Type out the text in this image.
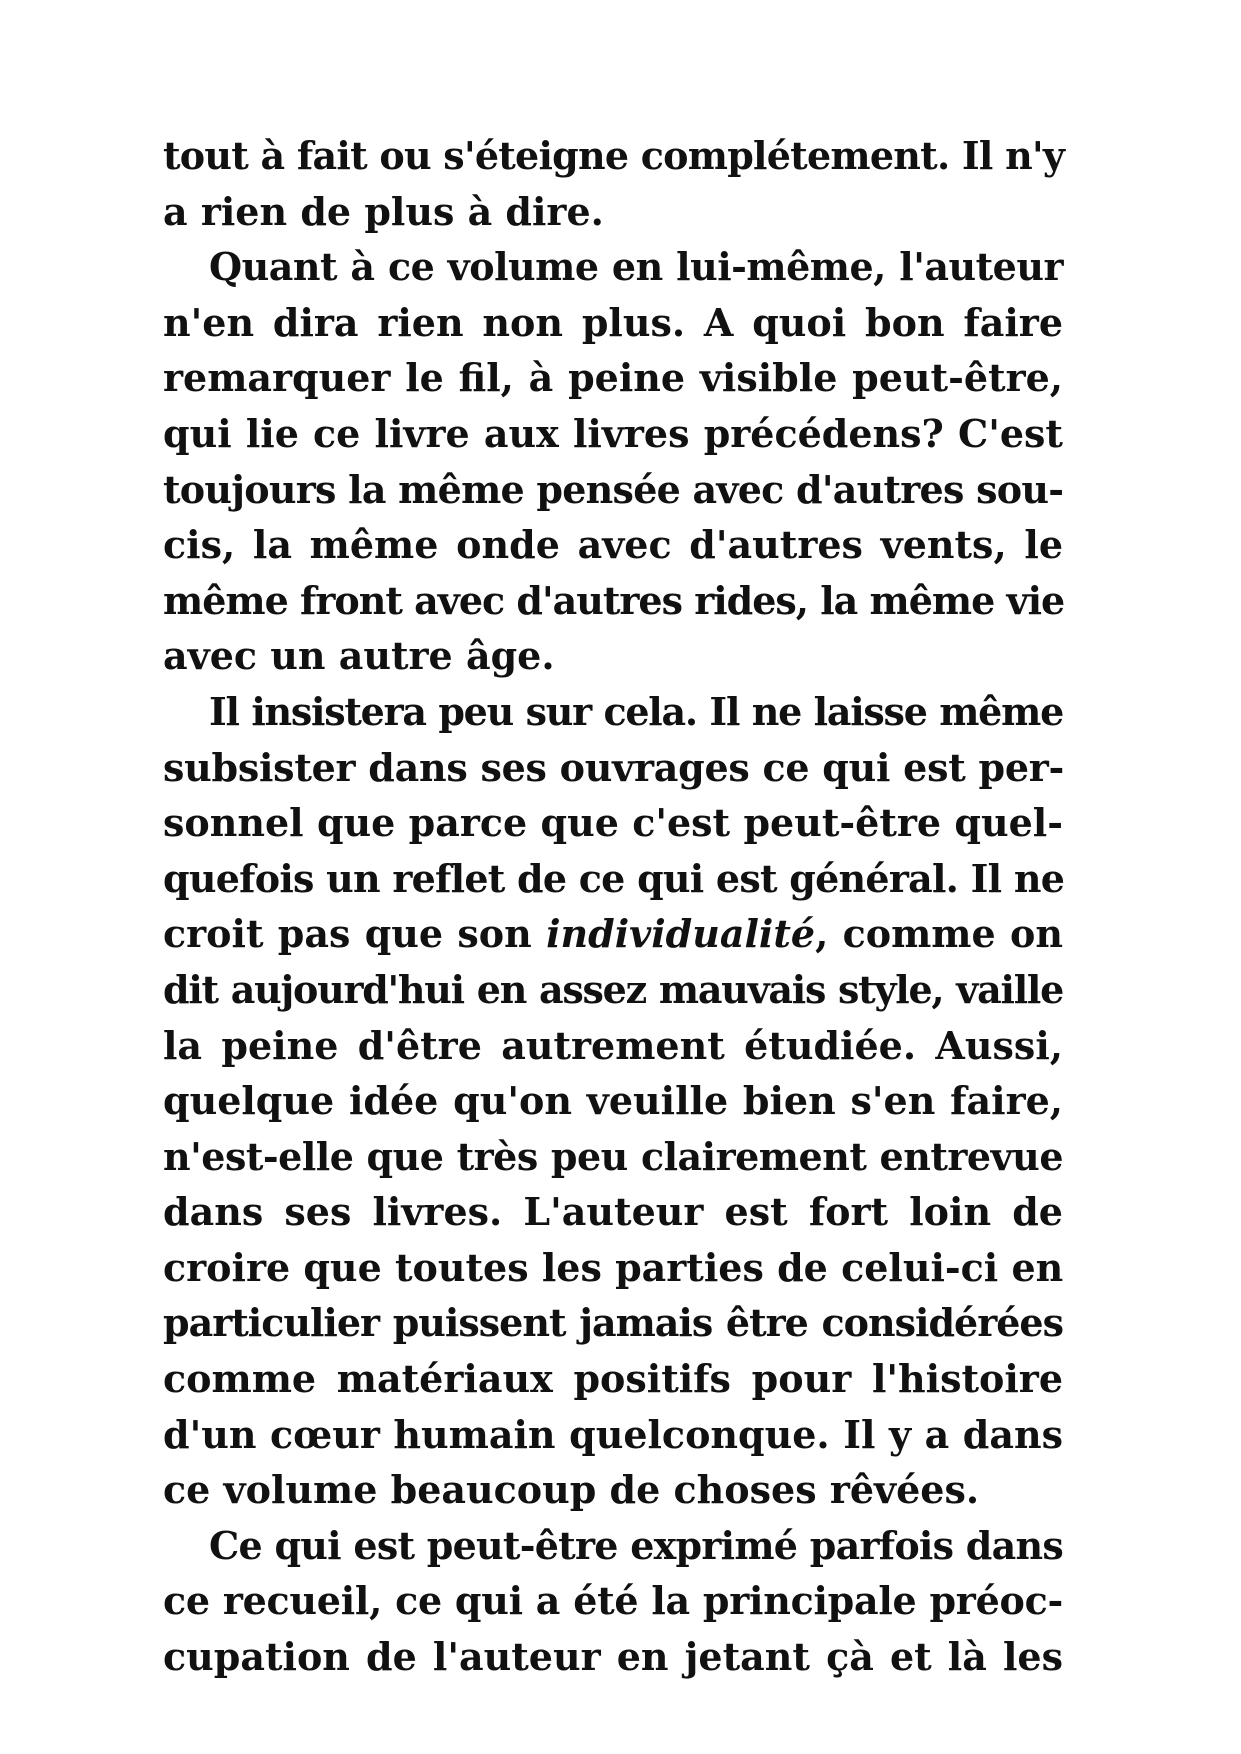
tout à fait ou s'éteigne complétement. Il n'y
a rien de plus à dire.
Quant à ce volume en lui-même, l'auteur
n'en dira rien non plus. A quoi bon faire
remarquer le fil, à peine visible peut-être,
qui lie ce livre aux livres précédens? C'est
toujours la même pensée avec d'autres sou-
cis, la même onde avec d'autres vents, le
même front avec d'autres rides, la même vie
avec un autre âge.
Il insistera peu sur cela. Il ne laisse même
subsister dans ses ouvrages ce qui est per-
sonnel que parce que c'est peut-être quel-
quefois un reflet de ce qui est général. Il ne
croit pas que son individualité, comme on
dit aujourd'hui en assez mauvais style, vaille
la peine d'être autrement étudiée. Aussi,
quelque idée qu'on veuille bien s'en faire,
n'est-elle que très peu clairement entrevue
dans ses livres. L'auteur est fort loin de
croire que toutes les parties de celui-ci en
particulier puissent jamais être considérées
comme matériaux positifs pour l'histoire
d'un cœur humain quelconque. Il y a dans
ce volume beaucoup de choses rêvées.
Ce qui est peut-être exprimé parfois dans
ce recueil, ce qui a été la principale préoc-
cupation de l'auteur en jetant çà et là les
